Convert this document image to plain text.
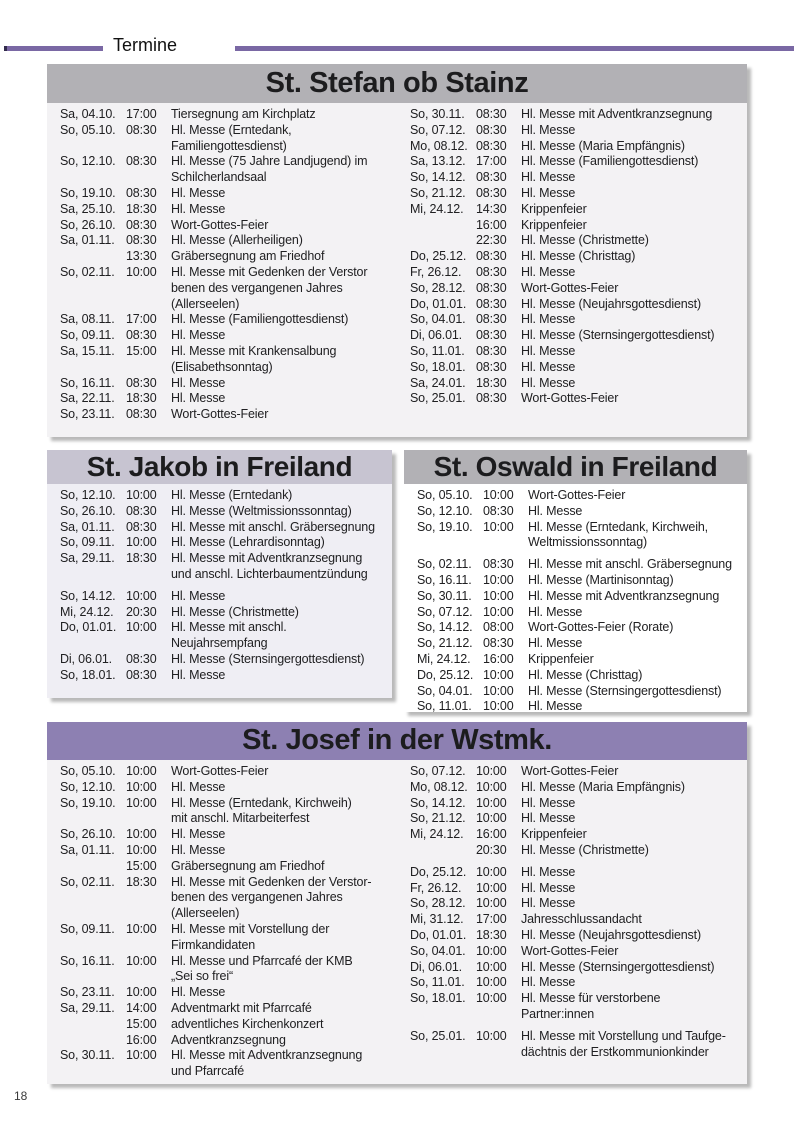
Termine
St. Stefan ob Stainz
Sa, 04.10. 17:00	Tiersegnung am Kirchplatz
So, 05.10. 08:30	Hl. Messe (Erntedank,
Familiengottesdienst)
So, 12.10. 08:30	Hl. Messe (75 Jahre Landjugend) im
Schilcherlandsaal
So, 19.10. 08:30	Hl. Messe
Sa, 25.10. 18:30	Hl. Messe
So, 26.10. 08:30	Wort-Gottes-Feier
Sa, 01.11. 08:30	Hl. Messe (Allerheiligen)
13:30	Gräbersegnung am Friedhof
So, 02.11. 10:00	Hl. Messe mit Gedenken der Verstor
benen des vergangenen Jahres
(Allerseelen)
Sa, 08.11. 17:00	Hl. Messe (Familiengottesdienst)
So, 09.11. 08:30	Hl. Messe
Sa, 15.11. 15:00	Hl. Messe mit Krankensalbung
(Elisabethsonntag)
So, 16.11. 08:30	Hl. Messe
Sa, 22.11. 18:30	Hl. Messe
So, 23.11. 08:30	Wort-Gottes-Feier
So, 30.11. 08:30	Hl. Messe mit Adventkranzsegnung
So, 07.12. 08:30	Hl. Messe
Mo, 08.12. 08:30	Hl. Messe (Maria Empfängnis)
Sa, 13.12. 17:00	Hl. Messe (Familiengottesdienst)
So, 14.12. 08:30	Hl. Messe
So, 21.12. 08:30	Hl. Messe
Mi, 24.12.	14:30	Krippenfeier
16:00	Krippenfeier
22:30	Hl. Messe (Christmette)
Do, 25.12. 08:30	Hl. Messe (Christtag)
Fr, 26.12.	08:30	Hl. Messe
So, 28.12. 08:30	Wort-Gottes-Feier
Do, 01.01. 08:30	Hl. Messe (Neujahrsgottesdienst)
So, 04.01. 08:30	Hl. Messe
Di, 06.01.	08:30	Hl. Messe (Sternsingergottesdienst)
So, 11.01. 08:30	Hl. Messe
So, 18.01. 08:30	Hl. Messe
Sa, 24.01. 18:30	Hl. Messe
So, 25.01. 08:30	Wort-Gottes-Feier
St. Jakob in Freiland
So, 12.10. 10:00	Hl. Messe (Erntedank)
So, 26.10. 08:30	Hl. Messe (Weltmissionssonntag)
Sa, 01.11. 08:30	Hl. Messe mit anschl. Gräbersegnung
So, 09.11. 10:00	Hl. Messe (Lehrardisonntag)
Sa, 29.11. 18:30	Hl. Messe mit Adventkranzsegnung
und anschl. Lichterbaumentzündung
So, 14.12. 10:00	Hl. Messe
Mi, 24.12.	20:30	Hl. Messe (Christmette)
Do, 01.01. 10:00	Hl. Messe mit anschl.
Neujahrsempfang
Di, 06.01.	08:30	Hl. Messe (Sternsingergottesdienst)
So, 18.01. 08:30	Hl. Messe
St. Oswald in Freiland
So, 05.10. 10:00	Wort-Gottes-Feier
So, 12.10. 08:30	Hl. Messe
So, 19.10. 10:00	Hl. Messe (Erntedank, Kirchweih,
Weltmissionssonntag)
So, 02.11. 08:30	Hl. Messe mit anschl. Gräbersegnung
So, 16.11. 10:00	Hl. Messe (Martinisonntag)
So, 30.11. 10:00	Hl. Messe mit Adventkranzsegnung
So, 07.12. 10:00	Hl. Messe
So, 14.12. 08:00	Wort-Gottes-Feier (Rorate)
So, 21.12. 08:30	Hl. Messe
Mi, 24.12.	16:00	Krippenfeier
Do, 25.12. 10:00	Hl. Messe (Christtag)
So, 04.01. 10:00	Hl. Messe (Sternsingergottesdienst)
So, 11.01. 10:00	Hl. Messe
St. Josef in der Wstmk.
So, 05.10. 10:00	Wort-Gottes-Feier
So, 12.10. 10:00	Hl. Messe
So, 19.10. 10:00	Hl. Messe (Erntedank, Kirchweih)
mit anschl. Mitarbeiterfest
So, 26.10. 10:00	Hl. Messe
Sa, 01.11. 10:00	Hl. Messe
15:00	Gräbersegnung am Friedhof
So, 02.11. 18:30	Hl. Messe mit Gedenken der Verstor-
benen des vergangenen Jahres
(Allerseelen)
So, 09.11. 10:00	Hl. Messe mit Vorstellung der
Firmkandidaten
So, 16.11. 10:00	Hl. Messe und Pfarrcafé der KMB
„Sei so frei“
So, 23.11. 10:00	Hl. Messe
Sa, 29.11. 14:00	Adventmarkt mit Pfarrcafé
15:00	adventliches Kirchenkonzert
16:00	Adventkranzsegnung
So, 30.11. 10:00	Hl. Messe mit Adventkranzsegnung
und Pfarrcafé
So, 07.12. 10:00	Wort-Gottes-Feier
Mo, 08.12. 10:00	Hl. Messe (Maria Empfängnis)
So, 14.12. 10:00	Hl. Messe
So, 21.12. 10:00	Hl. Messe
Mi, 24.12.	16:00	Krippenfeier
20:30	Hl. Messe (Christmette)
Do, 25.12. 10:00	Hl. Messe
Fr, 26.12.	10:00	Hl. Messe
So, 28.12. 10:00	Hl. Messe
Mi, 31.12.	17:00	Jahresschlussandacht
Do, 01.01. 18:30	Hl. Messe (Neujahrsgottesdienst)
So, 04.01. 10:00	Wort-Gottes-Feier
Di, 06.01.	10:00	Hl. Messe (Sternsingergottesdienst)
So, 11.01. 10:00	Hl. Messe
So, 18.01. 10:00	Hl. Messe für verstorbene
Partner:innen
So, 25.01. 10:00	Hl. Messe mit Vorstellung und Taufge-
dächtnis der Erstkommunionkinder
18
